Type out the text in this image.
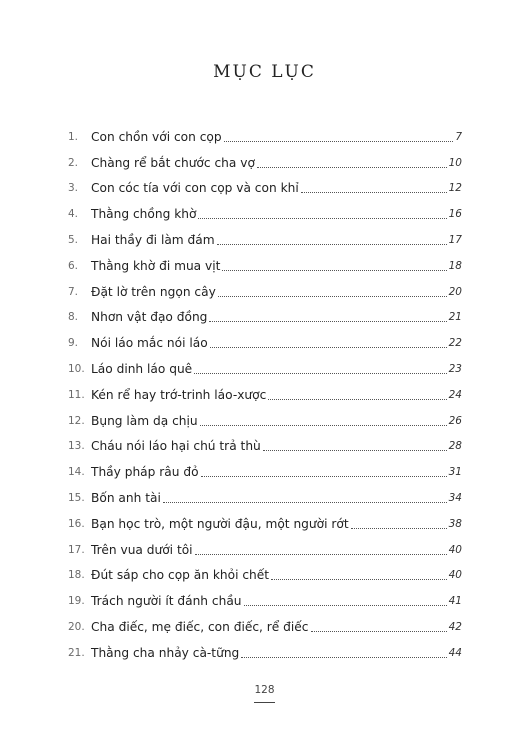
MỤC LỤC
1.	Con chồn với con cọp	7
2.	Chàng rể bắt chước cha vợ	10
3.	Con cóc tía với con cọp và con khỉ	12
4.	Thằng chồng khờ	16
5.	Hai thầy đi làm đám	17
6.	Thằng khờ đi mua vịt	18
7.	Đặt lờ trên ngọn cây	20
8.	Nhơn vật đạo đồng	21
9.	Nói láo mắc nói láo	22
10. Láo dinh láo quê	23
11. Kén rể hay trớ-trinh láo-xược	24
12. Bụng làm dạ chịu	26
13. Cháu nói láo hại chú trả thù	28
14. Thầy pháp râu đỏ	31
15. Bốn anh tài	34
16. Bạn học trò, một người đậu, một người rớt	38
17. Trên vua dưới tôi	40
18. Đút sáp cho cọp ăn khỏi chết	40
19. Trách người ít đánh chầu	41
20. Cha điếc, mẹ điếc, con điếc, rể điếc	42
21. Thằng cha nhảy cà-tững	44
128
